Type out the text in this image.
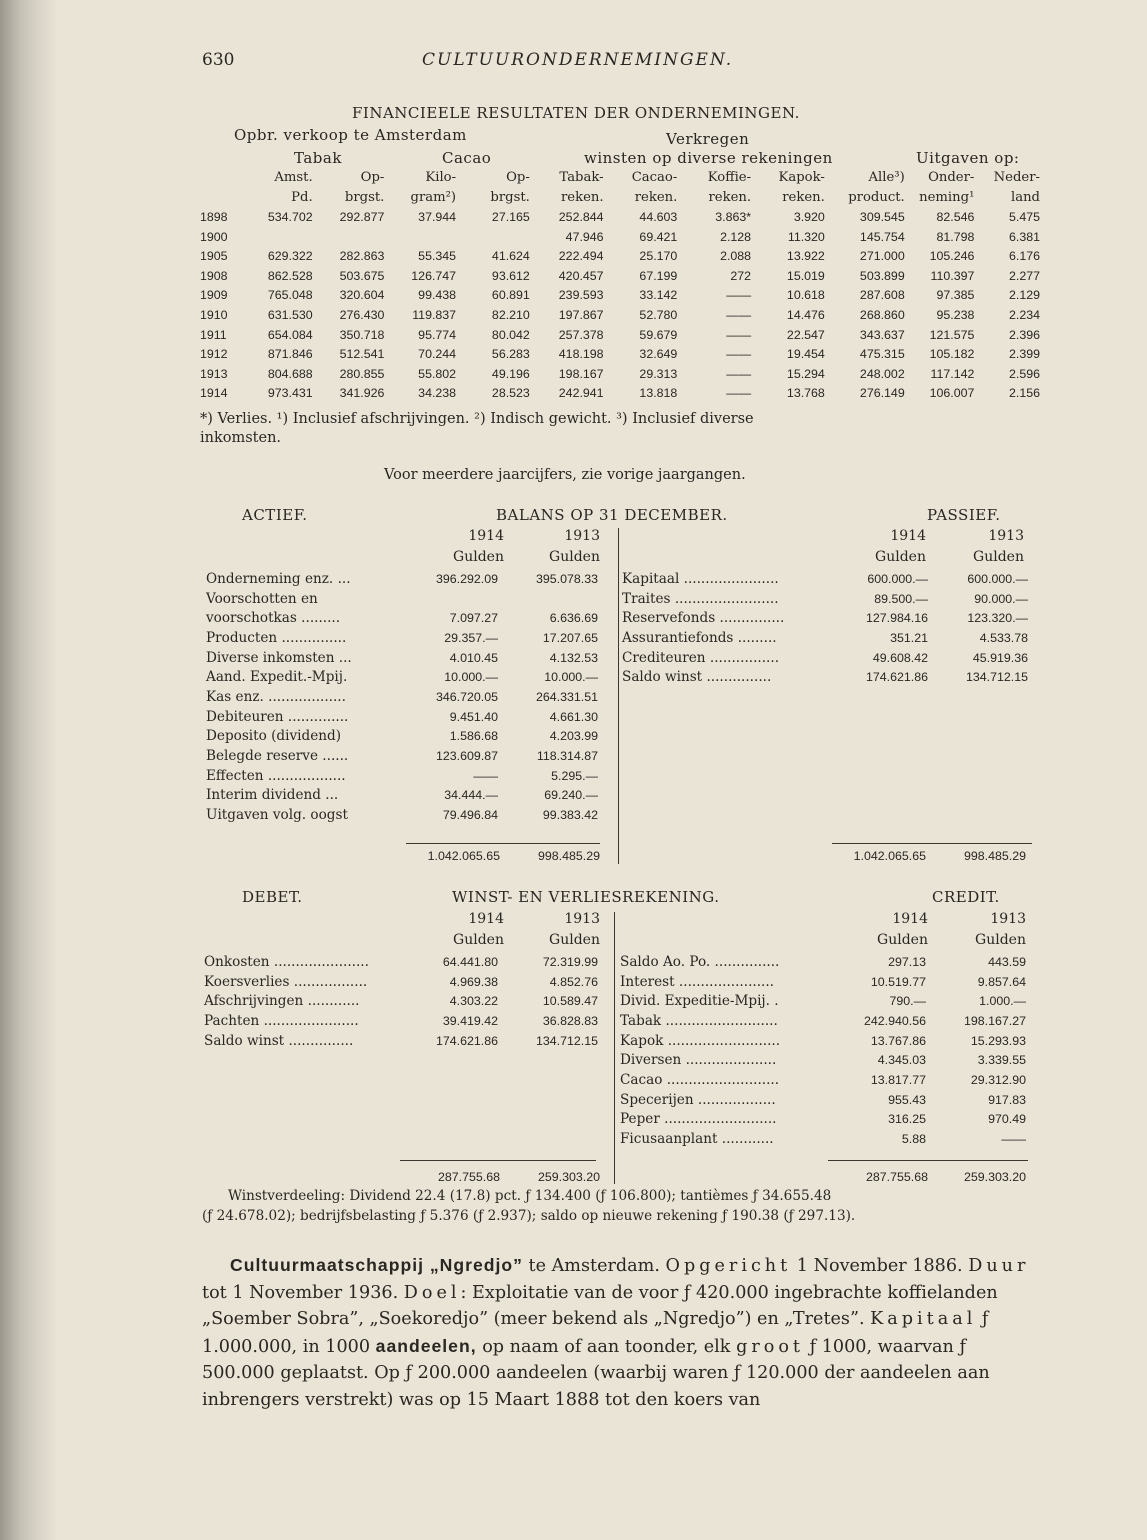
630	CULTUURONDERNEMINGEN.
FINANCIEELE RESULTATEN DER ONDERNEMINGEN.
Opbr. verkoop te Amsterdam	Verkregen
Tabak	Cacao	winsten op diverse rekeningen	Uitgaven op:
	Amst.	Op-	Kilo-	Op-	Tabak-	Cacao-	Koffie-	Kapok-	Alle³)	Onder-	Neder-
	Pd.	brgst.	gram²)	brgst.	reken.	reken.	reken.	reken.	product.	neming¹	land
1898	534.702	292.877	37.944	27.165	252.844	44.603	3.863*	3.920	309.545	82.546	5.475
1900					47.946	69.421	2.128	11.320	145.754	81.798	6.381
1905	629.322	282.863	55.345	41.624	222.494	25.170	2.088	13.922	271.000	105.246	6.176
1908	862.528	503.675	126.747	93.612	420.457	67.199	272	15.019	503.899	110.397	2.277
1909	765.048	320.604	99.438	60.891	239.593	33.142	——	10.618	287.608	97.385	2.129
1910	631.530	276.430	119.837	82.210	197.867	52.780	——	14.476	268.860	95.238	2.234
1911	654.084	350.718	95.774	80.042	257.378	59.679	——	22.547	343.637	121.575	2.396
1912	871.846	512.541	70.244	56.283	418.198	32.649	——	19.454	475.315	105.182	2.399
1913	804.688	280.855	55.802	49.196	198.167	29.313	——	15.294	248.002	117.142	2.596
1914	973.431	341.926	34.238	28.523	242.941	13.818	——	13.768	276.149	106.007	2.156
*) Verlies. ¹) Inclusief afschrijvingen. ²) Indisch gewicht. ³) Inclusief diverse
inkomsten.
Voor meerdere jaarcijfers, zie vorige jaargangen.
ACTIEF.	BALANS OP 31 DECEMBER.	PASSIEF.
1914	1913
Gulden	Gulden
1914	1913
Gulden	Gulden
Onderneming enz. ...	396.292.09	395.078.33
Voorschotten en		
voorschotkas .........	7.097.27	6.636.69
Producten ...............	29.357.—	17.207.65
Diverse inkomsten ...	4.010.45	4.132.53
Aand. Expedit.-Mpij.	10.000.—	10.000.—
Kas enz. ..................	346.720.05	264.331.51
Debiteuren ..............	9.451.40	4.661.30
Deposito (dividend)	1.586.68	4.203.99
Belegde reserve ......	123.609.87	118.314.87
Effecten ..................	——	5.295.—
Interim dividend ...	34.444.—	69.240.—
Uitgaven volg. oogst	79.496.84	99.383.42
Kapitaal ......................	600.000.—	600.000.—
Traites ........................	89.500.—	90.000.—
Reservefonds ...............	127.984.16	123.320.—
Assurantiefonds .........	351.21	4.533.78
Crediteuren ................	49.608.42	45.919.36
Saldo winst ...............	174.621.86	134.712.15
1.042.065.65	998.485.29	1.042.065.65	998.485.29
DEBET.	WINST- EN VERLIESREKENING.	CREDIT.
1914	1913
Gulden	Gulden
1914	1913
Gulden	Gulden
Onkosten ......................	64.441.80	72.319.99
Koersverlies .................	4.969.38	4.852.76
Afschrijvingen ............	4.303.22	10.589.47
Pachten ......................	39.419.42	36.828.83
Saldo winst ...............	174.621.86	134.712.15
Saldo Ao. Po. ...............	297.13	443.59
Interest ......................	10.519.77	9.857.64
Divid. Expeditie-Mpij. .	790.—	1.000.—
Tabak ..........................	242.940.56	198.167.27
Kapok ..........................	13.767.86	15.293.93
Diversen .....................	4.345.03	3.339.55
Cacao ..........................	13.817.77	29.312.90
Specerijen ..................	955.43	917.83
Peper ..........................	316.25	970.49
Ficusaanplant ............	5.88	——
287.755.68	259.303.20	287.755.68	259.303.20
Winstverdeeling: Dividend 22.4 (17.8) pct. ƒ 134.400 (ƒ 106.800); tantièmes ƒ 34.655.48
(ƒ 24.678.02); bedrijfsbelasting ƒ 5.376 (ƒ 2.937); saldo op nieuwe rekening ƒ 190.38 (ƒ 297.13).
Cultuurmaatschappij „Ngredjo” te Amsterdam. Opgericht 1 November 1886. Duur tot 1 November 1936. Doel: Exploitatie van de voor ƒ 420.000 ingebrachte koffielanden „Soember Sobra”, „Soekoredjo” (meer bekend als „Ngredjo”) en „Tretes”. Kapitaal ƒ 1.000.000, in 1000 aandeelen, op naam of aan toonder, elk groot ƒ 1000, waarvan ƒ 500.000 geplaatst. Op ƒ 200.000 aandeelen (waarbij waren ƒ 120.000 der aandeelen aan inbrengers verstrekt) was op 15 Maart 1888 tot den koers van
